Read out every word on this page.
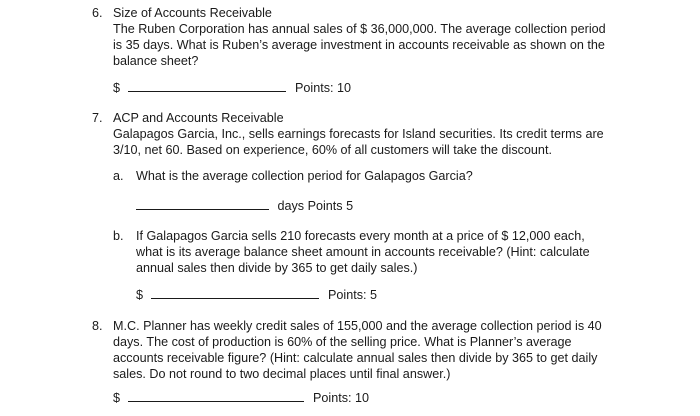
6. Size of Accounts Receivable
The Ruben Corporation has annual sales of $ 36,000,000. The average collection period
is 35 days. What is Ruben’s average investment in accounts receivable as shown on the
balance sheet?
$	Points: 10
7. ACP and Accounts Receivable
Galapagos Garcia, Inc., sells earnings forecasts for Island securities. Its credit terms are
3/10, net 60. Based on experience, 60% of all customers will take the discount.
a. What is the average collection period for Galapagos Garcia?
days Points 5
b. If Galapagos Garcia sells 210 forecasts every month at a price of $ 12,000 each,
what is its average balance sheet amount in accounts receivable? (Hint: calculate
annual sales then divide by 365 to get daily sales.)
$	Points: 5
8. M.C. Planner has weekly credit sales of 155,000 and the average collection period is 40
days. The cost of production is 60% of the selling price. What is Planner’s average
accounts receivable figure? (Hint: calculate annual sales then divide by 365 to get daily
sales. Do not round to two decimal places until final answer.)
$	Points: 10
